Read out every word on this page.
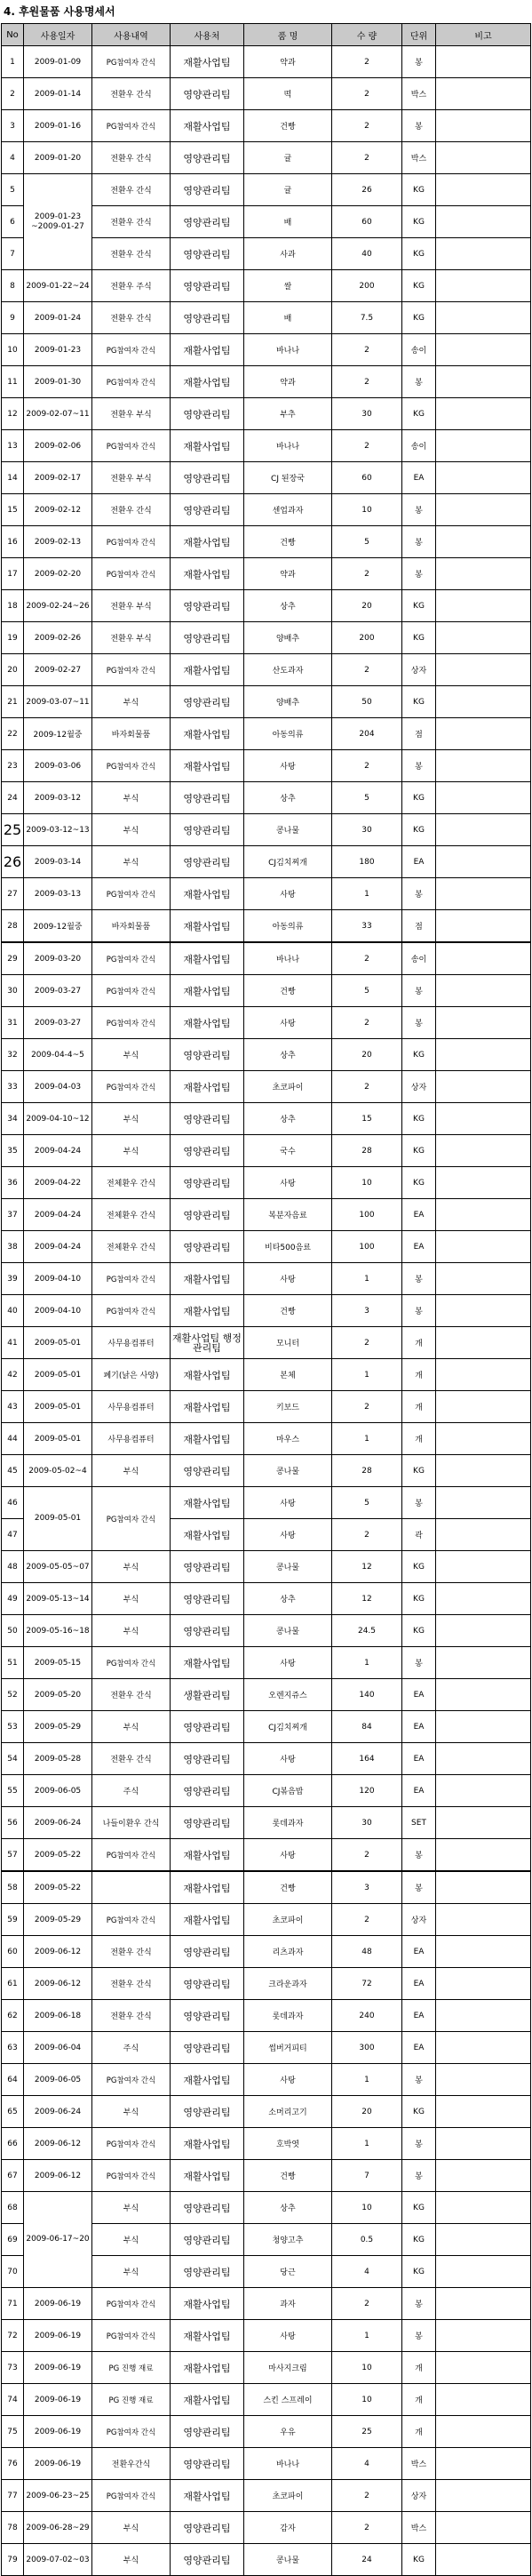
4. 후원물품 사용명세서
No	사용일자	사용내역	사용처	품 명	수 량	단위	비고
1	2009-01-09	PG참여자 간식	재활사업팀	약과	2	봉	
2	2009-01-14	전환우 간식	영양관리팀	떡	2	박스	
3	2009-01-16	PG참여자 간식	재활사업팀	건빵	2	봉	
4	2009-01-20	전환우 간식	영양관리팀	귤	2	박스	
5	2009-01-23 ~2009-01-27	전환우 간식	영양관리팀	귤	26	KG	
6		전환우 간식	영양관리팀	배	60	KG	
7		전환우 간식	영양관리팀	사과	40	KG	
8	2009-01-22~24	전환우 주식	영양관리팀	쌀	200	KG	
9	2009-01-24	전환우 간식	영양관리팀	배	7.5	KG	
10	2009-01-23	PG참여자 간식	재활사업팀	바나나	2	송이	
11	2009-01-30	PG참여자 간식	재활사업팀	약과	2	봉	
12	2009-02-07~11	전환우 부식	영양관리팀	부추	30	KG	
13	2009-02-06	PG참여자 간식	재활사업팀	바나나	2	송이	
14	2009-02-17	전환우 부식	영양관리팀	CJ 된장국	60	EA	
15	2009-02-12	전환우 간식	영양관리팀	센업과자	10	봉	
16	2009-02-13	PG참여자 간식	재활사업팀	건빵	5	봉	
17	2009-02-20	PG참여자 간식	재활사업팀	약과	2	봉	
18	2009-02-24~26	전환우 부식	영양관리팀	상추	20	KG	
19	2009-02-26	전환우 부식	영양관리팀	양배추	200	KG	
20	2009-02-27	PG참여자 간식	재활사업팀	산도과자	2	상자	
21	2009-03-07~11	부식	영양관리팀	양배추	50	KG	
22	2009-12월중	바자회물품	재활사업팀	아동의류	204	점	
23	2009-03-06	PG참여자 간식	재활사업팀	사탕	2	봉	
24	2009-03-12	부식	영양관리팀	상추	5	KG	
25	2009-03-12~13	부식	영양관리팀	콩나물	30	KG	
26	2009-03-14	부식	영양관리팀	CJ김치찌개	180	EA	
27	2009-03-13	PG참여자 간식	재활사업팀	사탕	1	봉	
28	2009-12월중	바자회물품	재활사업팀	아동의류	33	점	
29	2009-03-20	PG참여자 간식	재활사업팀	바나나	2	송이	
30	2009-03-27	PG참여자 간식	재활사업팀	건빵	5	봉	
31	2009-03-27	PG참여자 간식	재활사업팀	사탕	2	봉	
32	2009-04-4~5	부식	영양관리팀	상추	20	KG	
33	2009-04-03	PG참여자 간식	재활사업팀	초코파이	2	상자	
34	2009-04-10~12	부식	영양관리팀	상추	15	KG	
35	2009-04-24	부식	영양관리팀	국수	28	KG	
36	2009-04-22	전체환우 간식	영양관리팀	사탕	10	KG	
37	2009-04-24	전체환우 간식	영양관리팀	복분자음료	100	EA	
38	2009-04-24	전체환우 간식	영양관리팀	비타500음료	100	EA	
39	2009-04-10	PG참여자 간식	재활사업팀	사탕	1	봉	
40	2009-04-10	PG참여자 간식	재활사업팀	건빵	3	봉	
41	2009-05-01	사무용컴퓨터	재활사업팀 행정관리팀	모니터	2	개	
42	2009-05-01	폐기(낡은 사양)	재활사업팀	본체	1	개	
43	2009-05-01	사무용컴퓨터	재활사업팀	키보드	2	개	
44	2009-05-01	사무용컴퓨터	재활사업팀	마우스	1	개	
45	2009-05-02~4	부식	영양관리팀	콩나물	28	KG	
46	2009-05-01	PG참여자 간식	재활사업팀	사탕	5	봉	
47			재활사업팀	사탕	2	곽	
48	2009-05-05~07	부식	영양관리팀	콩나물	12	KG	
49	2009-05-13~14	부식	영양관리팀	상추	12	KG	
50	2009-05-16~18	부식	영양관리팀	콩나물	24.5	KG	
51	2009-05-15	PG참여자 간식	재활사업팀	사탕	1	봉	
52	2009-05-20	전환우 간식	생활관리팀	오렌지쥬스	140	EA	
53	2009-05-29	부식	영양관리팀	CJ김치찌개	84	EA	
54	2009-05-28	전환우 간식	영양관리팀	사탕	164	EA	
55	2009-06-05	주식	영양관리팀	CJ볶음밥	120	EA	
56	2009-06-24	나들이환우 간식	영양관리팀	롯데과자	30	SET	
57	2009-05-22	PG참여자 간식	재활사업팀	사탕	2	봉	
58	2009-05-22		재활사업팀	건빵	3	봉	
59	2009-05-29	PG참여자 간식	재활사업팀	초코파이	2	상자	
60	2009-06-12	전환우 간식	영양관리팀	리츠과자	48	EA	
61	2009-06-12	전환우 간식	영양관리팀	크라운과자	72	EA	
62	2009-06-18	전환우 간식	영양관리팀	롯데과자	240	EA	
63	2009-06-04	주식	영양관리팀	썹버거피티	300	EA	
64	2009-06-05	PG참여자 간식	재활사업팀	사탕	1	봉	
65	2009-06-24	부식	영양관리팀	소머리고기	20	KG	
66	2009-06-12	PG참여자 간식	재활사업팀	호박엿	1	봉	
67	2009-06-12	PG참여자 간식	재활사업팀	건빵	7	봉	
68	2009-06-17~20	부식	영양관리팀	상추	10	KG	
69		부식	영양관리팀	청양고추	0.5	KG	
70		부식	영양관리팀	당근	4	KG	
71	2009-06-19	PG참여자 간식	재활사업팀	과자	2	봉	
72	2009-06-19	PG참여자 간식	재활사업팀	사탕	1	봉	
73	2009-06-19	PG 진행 재료	재활사업팀	마사지크림	10	개	
74	2009-06-19	PG 진행 재료	재활사업팀	스킨 스프레이	10	개	
75	2009-06-19	PG참여자 간식	영양관리팀	우유	25	개	
76	2009-06-19	전환우간식	영양관리팀	바나나	4	박스	
77	2009-06-23~25	PG참여자 간식	재활사업팀	초코파이	2	상자	
78	2009-06-28~29	부식	영양관리팀	감자	2	박스	
79	2009-07-02~03	부식	영양관리팀	콩나물	24	KG	
